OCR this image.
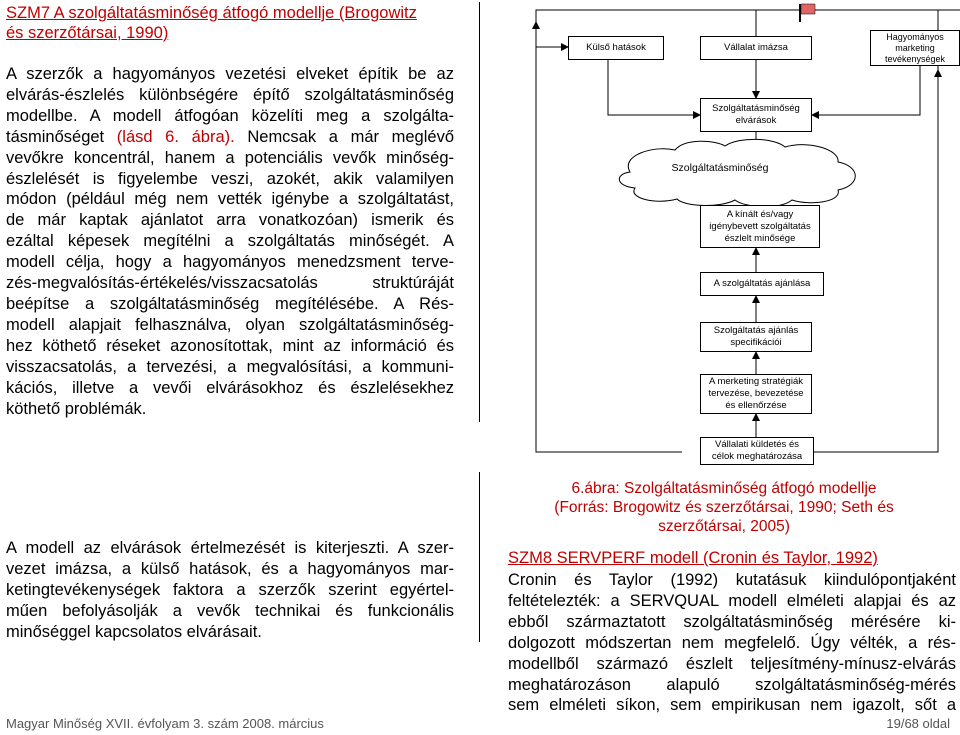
SZM7 A szolgáltatásminőség átfogó modellje (Brogowitz
és szerzőtársai, 1990)

A szerzők a hagyományos vezetési elveket építik be az

elvárás-észlelés különbségére építő szolgáltatásminőség

modellbe. A modell átfogóan közelíti meg a szolgálta-

tásminőséget (lásd 6. ábra). Nemcsak a már meglévő

vevőkre koncentrál, hanem a potenciális vevők minőség-

észlelését is figyelembe veszi, azokét, akik valamilyen

módon (például még nem vették igénybe a szolgáltatást,

de már kaptak ajánlatot arra vonatkozóan) ismerik és

ezáltal képesek megítélni a szolgáltatás minőségét. A

modell célja, hogy a hagyományos menedzsment terve-

zés-megvalósítás-értékelés/visszacsatolás struktúráját

beépítse a szolgáltatásminőség megítélésébe. A Rés-

modell alapjait felhasználva, olyan szolgáltatásminőség-

hez köthető réseket azonosítottak, mint az információ és

visszacsatolás, a tervezési, a megvalósítási, a kommuni-

kációs, illetve a vevői elvárásokhoz és észlelésekhez

köthető problémák.

A modell az elvárások értelmezését is kiterjeszti. A szer-

vezet imázsa, a külső hatások, és a hagyományos mar-

ketingtevékenységek faktora a szerzők szerint egyértel-

műen befolyásolják a vevők technikai és funkcionális

minőséggel kapcsolatos elvárásait.

Külső hatások	Vállalat imázsa
Hagyományos marketing tevékenységek
Szolgáltatásminőség elvárások
Szolgáltatásminőség
A kínált és/vagy igénybevett szolgáltatás észlelt minősége
A szolgáltatás ajánlása
Szolgáltatás ajánlás specifikációi
A merketing stratégiák tervezése, bevezetése és ellenőrzése
Vállalati küldetés és célok meghatározása
6.ábra: Szolgáltatásminőség átfogó modellje
(Forrás: Brogowitz és szerzőtársai, 1990; Seth és
szerzőtársai, 2005)
SZM8 SERVPERF modell (Cronin és Taylor, 1992)

Cronin és Taylor (1992) kutatásuk kiindulópontjaként

feltételezték: a SERVQUAL modell elméleti alapjai és az

ebből származtatott szolgáltatásminőség mérésére ki-

dolgozott módszertan nem megfelelő. Úgy vélték, a rés-

modellből származó észlelt teljesítmény-mínusz-elvárás

meghatározáson alapuló szolgáltatásminőség-mérés

sem elméleti síkon, sem empirikusan nem igazolt, sőt a

Magyar Minőség XVII. évfolyam 3. szám 2008. március	19/68 oldal
